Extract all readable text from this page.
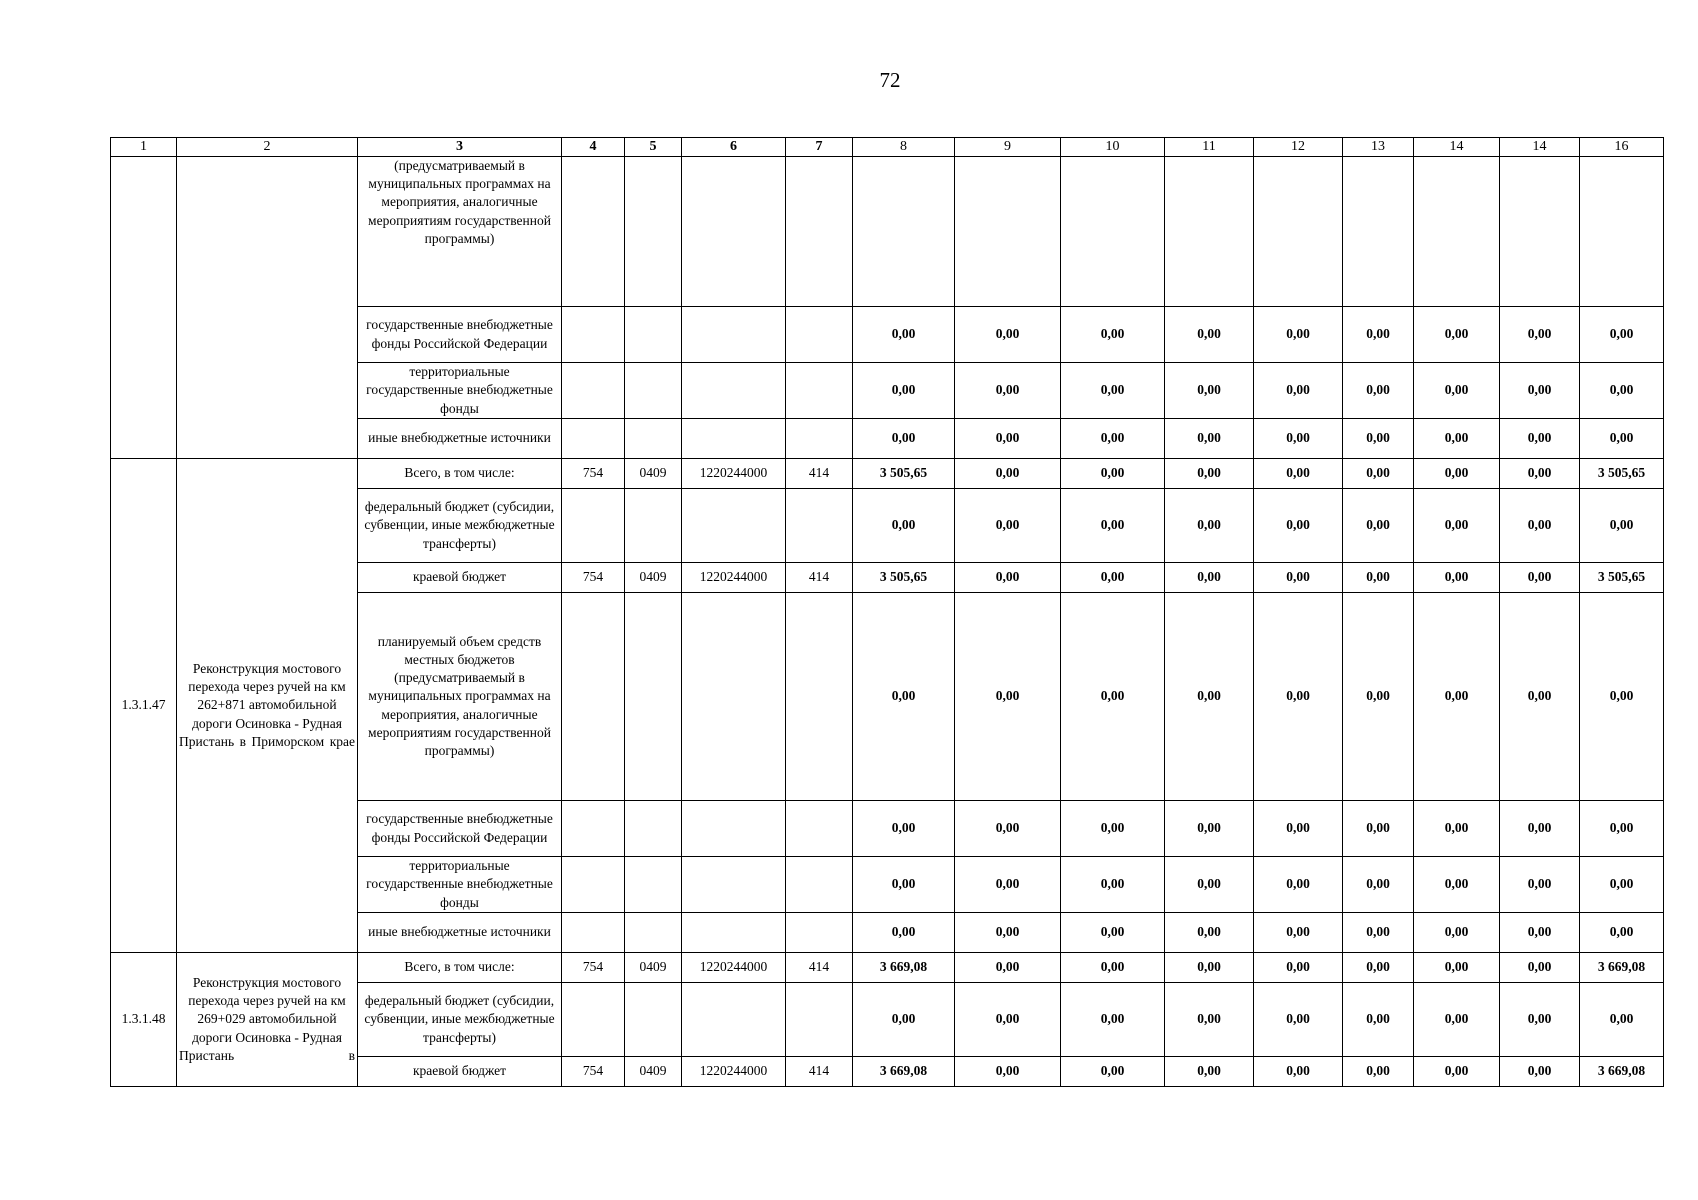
72
1	2	3	4	5	6	7	8	9	10	11	12	13	14	14	16
		(предусматриваемый в муниципальных программах на мероприятия, аналогичные мероприятиям государственной программы)													
		государственные внебюджетные фонды Российской Федерации					0,00	0,00	0,00	0,00	0,00	0,00	0,00	0,00	0,00
		территориальные государственные внебюджетные фонды					0,00	0,00	0,00	0,00	0,00	0,00	0,00	0,00	0,00
		иные внебюджетные источники					0,00	0,00	0,00	0,00	0,00	0,00	0,00	0,00	0,00
1.3.1.47	Реконструкция мостового перехода через ручей на км 262+871 автомобильной дороги Осиновка - Рудная Пристань в Приморском крае	Всего, в том числе:	754	0409	1220244000	414	3 505,65	0,00	0,00	0,00	0,00	0,00	0,00	0,00	3 505,65
		федеральный бюджет (субсидии, субвенции, иные межбюджетные трансферты)					0,00	0,00	0,00	0,00	0,00	0,00	0,00	0,00	0,00
		краевой бюджет	754	0409	1220244000	414	3 505,65	0,00	0,00	0,00	0,00	0,00	0,00	0,00	3 505,65
		планируемый объем средств местных бюджетов (предусматриваемый в муниципальных программах на мероприятия, аналогичные мероприятиям государственной программы)					0,00	0,00	0,00	0,00	0,00	0,00	0,00	0,00	0,00
		государственные внебюджетные фонды Российской Федерации					0,00	0,00	0,00	0,00	0,00	0,00	0,00	0,00	0,00
		территориальные государственные внебюджетные фонды					0,00	0,00	0,00	0,00	0,00	0,00	0,00	0,00	0,00
		иные внебюджетные источники					0,00	0,00	0,00	0,00	0,00	0,00	0,00	0,00	0,00
1.3.1.48	Реконструкция мостового перехода через ручей на км 269+029 автомобильной дороги Осиновка - Рудная Пристань в	Всего, в том числе:	754	0409	1220244000	414	3 669,08	0,00	0,00	0,00	0,00	0,00	0,00	0,00	3 669,08
		федеральный бюджет (субсидии, субвенции, иные межбюджетные трансферты)					0,00	0,00	0,00	0,00	0,00	0,00	0,00	0,00	0,00
		краевой бюджет	754	0409	1220244000	414	3 669,08	0,00	0,00	0,00	0,00	0,00	0,00	0,00	3 669,08
